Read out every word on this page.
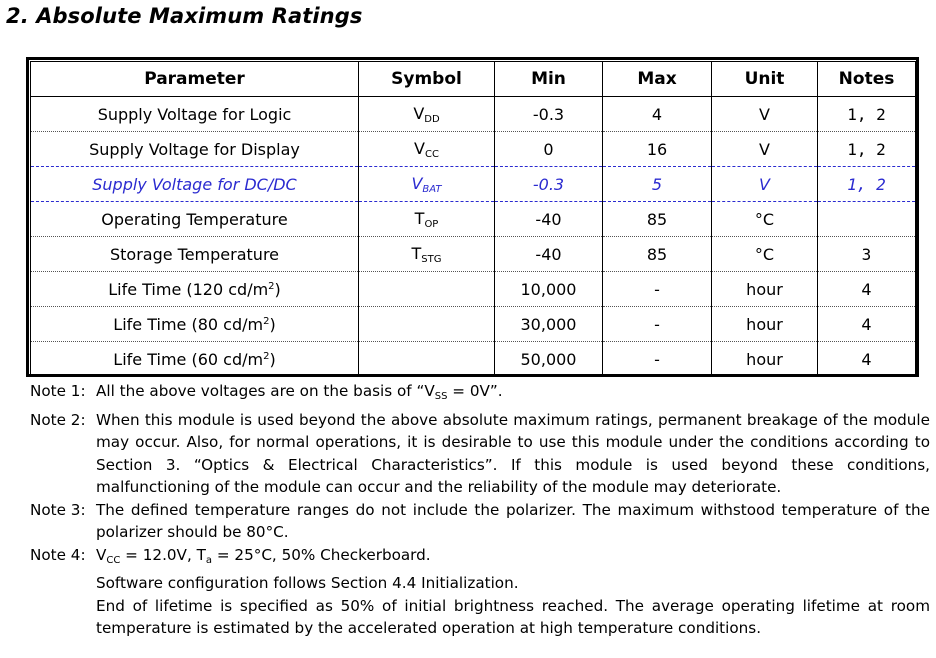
2. Absolute Maximum Ratings
Parameter	Symbol	Min	Max	Unit	Notes
Supply Voltage for Logic	$V_{DD}$	-0.3	4	V	1, 2
Supply Voltage for Display	$V_{CC}$	0	16	V	1, 2
Supply Voltage for DC/DC	$V_{BAT}$	-0.3	5	V	1, 2
Operating Temperature	$T_{OP}$	-40	85	°C	
Storage Temperature	$T_{STG}$	-40	85	°C	3
Life Time (120 $cd/m^2$)		10,000	-	hour	4
Life Time (80 $cd/m^2$)		30,000	-	hour	4
Life Time (60 $cd/m^2$)		50,000	-	hour	4
Note 1: All the above voltages are on the basis of “$V_{SS} = 0V$”.
Note 2: When this module is used beyond the above absolute maximum ratings, permanent breakage of the module may occur. Also, for normal operations, it is desirable to use this module under the conditions according to Section 3. “Optics & Electrical Characteristics”. If this module is used beyond these conditions, malfunctioning of the module can occur and the reliability of the module may deteriorate.
Note 3: The defined temperature ranges do not include the polarizer. The maximum withstood temperature of the polarizer should be 80°C.
Note 4: $V_{CC} = 12.0V$, $T_a = 25^\circ C$, 50% Checkerboard.

Software configuration follows Section 4.4 Initialization.

End of lifetime is specified as 50% of initial brightness reached. The average operating lifetime at room temperature is estimated by the accelerated operation at high temperature conditions.
